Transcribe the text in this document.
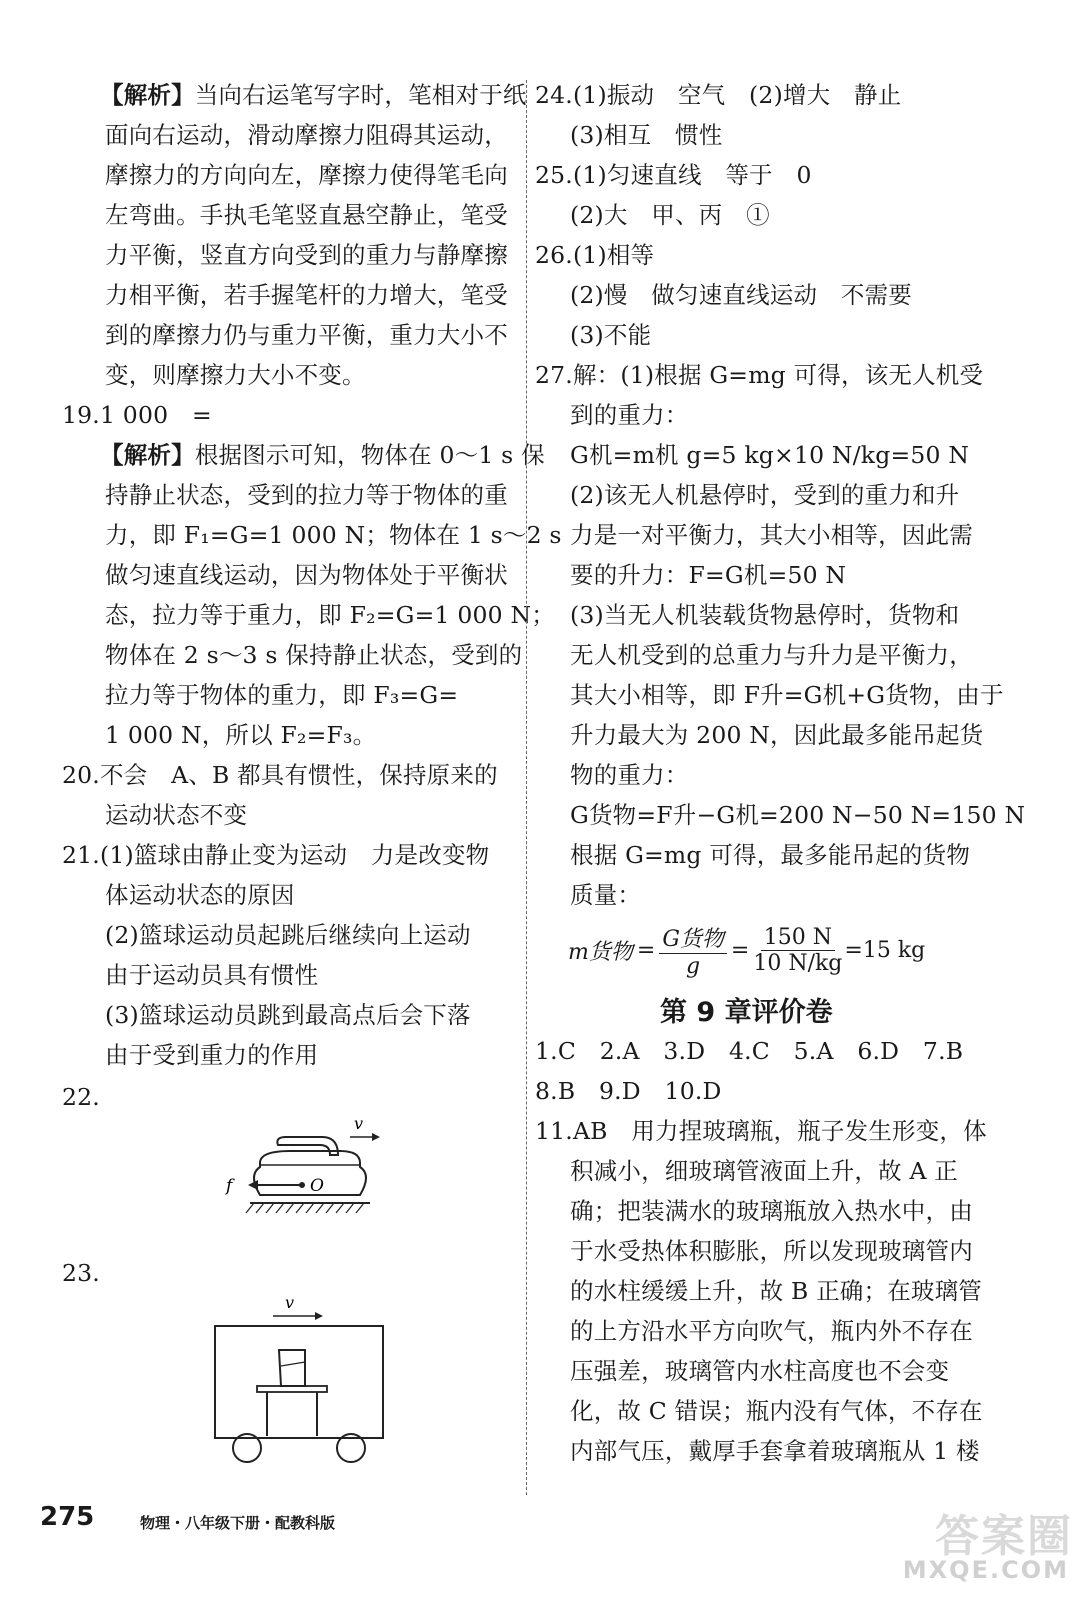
【解析】当向右运笔写字时，笔相对于纸
面向右运动，滑动摩擦力阻碍其运动，
摩擦力的方向向左，摩擦力使得笔毛向
左弯曲。手执毛笔竖直悬空静止，笔受
力平衡，竖直方向受到的重力与静摩擦
力相平衡，若手握笔杆的力增大，笔受
到的摩擦力仍与重力平衡，重力大小不
变，则摩擦力大小不变。
19.1 000　=
【解析】根据图示可知，物体在 0～1 s 保
持静止状态，受到的拉力等于物体的重
力，即 F₁=G=1 000 N；物体在 1 s～2 s
做匀速直线运动，因为物体处于平衡状
态，拉力等于重力，即 F₂=G=1 000 N；
物体在 2 s～3 s 保持静止状态，受到的
拉力等于物体的重力，即 F₃=G=
1 000 N，所以 F₂=F₃。
20.不会　A、B 都具有惯性，保持原来的
运动状态不变
21.(1)篮球由静止变为运动　力是改变物
体运动状态的原因
(2)篮球运动员起跳后继续向上运动
由于运动员具有惯性
(3)篮球运动员跳到最高点后会下落
由于受到重力的作用
22.
v
f	O
23.
v
24.(1)振动　空气　(2)增大　静止
(3)相互　惯性
25.(1)匀速直线　等于　0
(2)大　甲、丙　①
26.(1)相等
(2)慢　做匀速直线运动　不需要
(3)不能
27.解：(1)根据 G=mg 可得，该无人机受
到的重力：
G机=m机 g=5 kg×10 N/kg=50 N
(2)该无人机悬停时，受到的重力和升
力是一对平衡力，其大小相等，因此需
要的升力：F=G机=50 N
(3)当无人机装载货物悬停时，货物和
无人机受到的总重力与升力是平衡力，
其大小相等，即 F升=G机+G货物，由于
升力最大为 200 N，因此最多能吊起货
物的重力：
G货物=F升−G机=200 N−50 N=150 N
根据 G=mg 可得，最多能吊起的货物
质量：
m货物 = G货物
g
= $\frac{150 N}{10 N/kg} =15$ kg
第 9 章评价卷
1.C　2.A　3.D　4.C　5.A　6.D　7.B
8.B　9.D　10.D
11.AB　用力捏玻璃瓶，瓶子发生形变，体
积减小，细玻璃管液面上升，故 A 正
确；把装满水的玻璃瓶放入热水中，由
于水受热体积膨胀，所以发现玻璃管内
的水柱缓缓上升，故 B 正确；在玻璃管
的上方沿水平方向吹气，瓶内外不存在
压强差，玻璃管内水柱高度也不会变
化，故 C 错误；瓶内没有气体，不存在
内部气压，戴厚手套拿着玻璃瓶从 1 楼
275	物理・八年级下册・配教科版	答案圈
MXQE.COM
